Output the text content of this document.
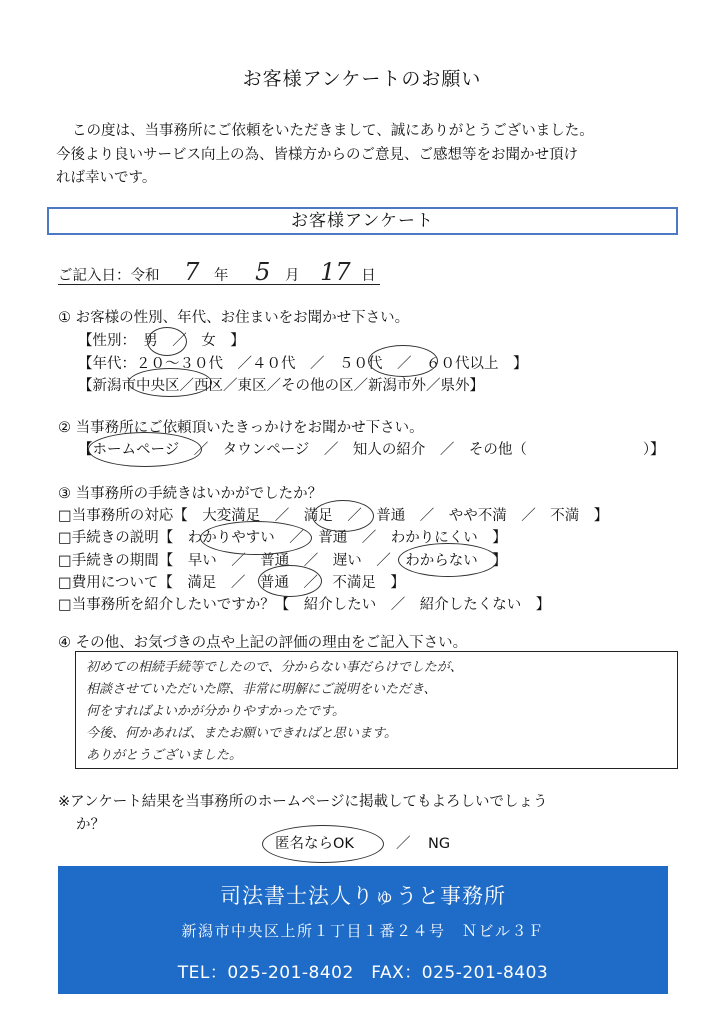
お客様アンケートのお願い

この度は、当事務所にご依頼をいただきまして、誠にありがとうございました。

今後より良いサービス向上の為、皆様方からのご意見、ご感想等をお聞かせ頂け

れば幸いです。

お客様アンケート
ご記入日：令和 7 年 5 月 17 日
① お客様の性別、年代、お住まいをお聞かせ下さい。
【性別：　男　／　女　】
【年代：２０～３０代　／４０代　／　５０代　／　６０代以上　】
【新潟市中央区／西区／東区／その他の区／新潟市外／県外】
② 当事務所にご依頼頂いたきっかけをお聞かせ下さい。
【ホームページ　／　タウンページ　／　知人の紹介　／　その他（　　　　　　　　）】
③ 当事務所の手続きはいかがでしたか？
□当事務所の対応【　大変満足　／　満足　／　普通　／　やや不満　／　不満　】
□手続きの説明【　わかりやすい　／　普通　／　わかりにくい　】
□手続きの期間【　早い　／　普通　／　遅い　／　わからない　】
□費用について【　満足　／　普通　／　不満足　】
□当事務所を紹介したいですか？【　紹介したい　／　紹介したくない　】
④ その他、お気づきの点や上記の評価の理由をご記入下さい。
初めての相続手続等でしたので、分からない事だらけでしたが、
相談させていただいた際、非常に明解にご説明をいただき、
何をすればよいかが分かりやすかったです。
今後、何かあれば、またお願いできればと思います。
ありがとうございました。
※アンケート結果を当事務所のホームページに掲載してもよろしいでしょう
か？
匿名ならOK	／ NG
司法書士法人りゅうと事務所
新潟市中央区上所１丁目１番２４号　Ｎビル３Ｆ
TEL：025-201-8402　FAX：025-201-8403
